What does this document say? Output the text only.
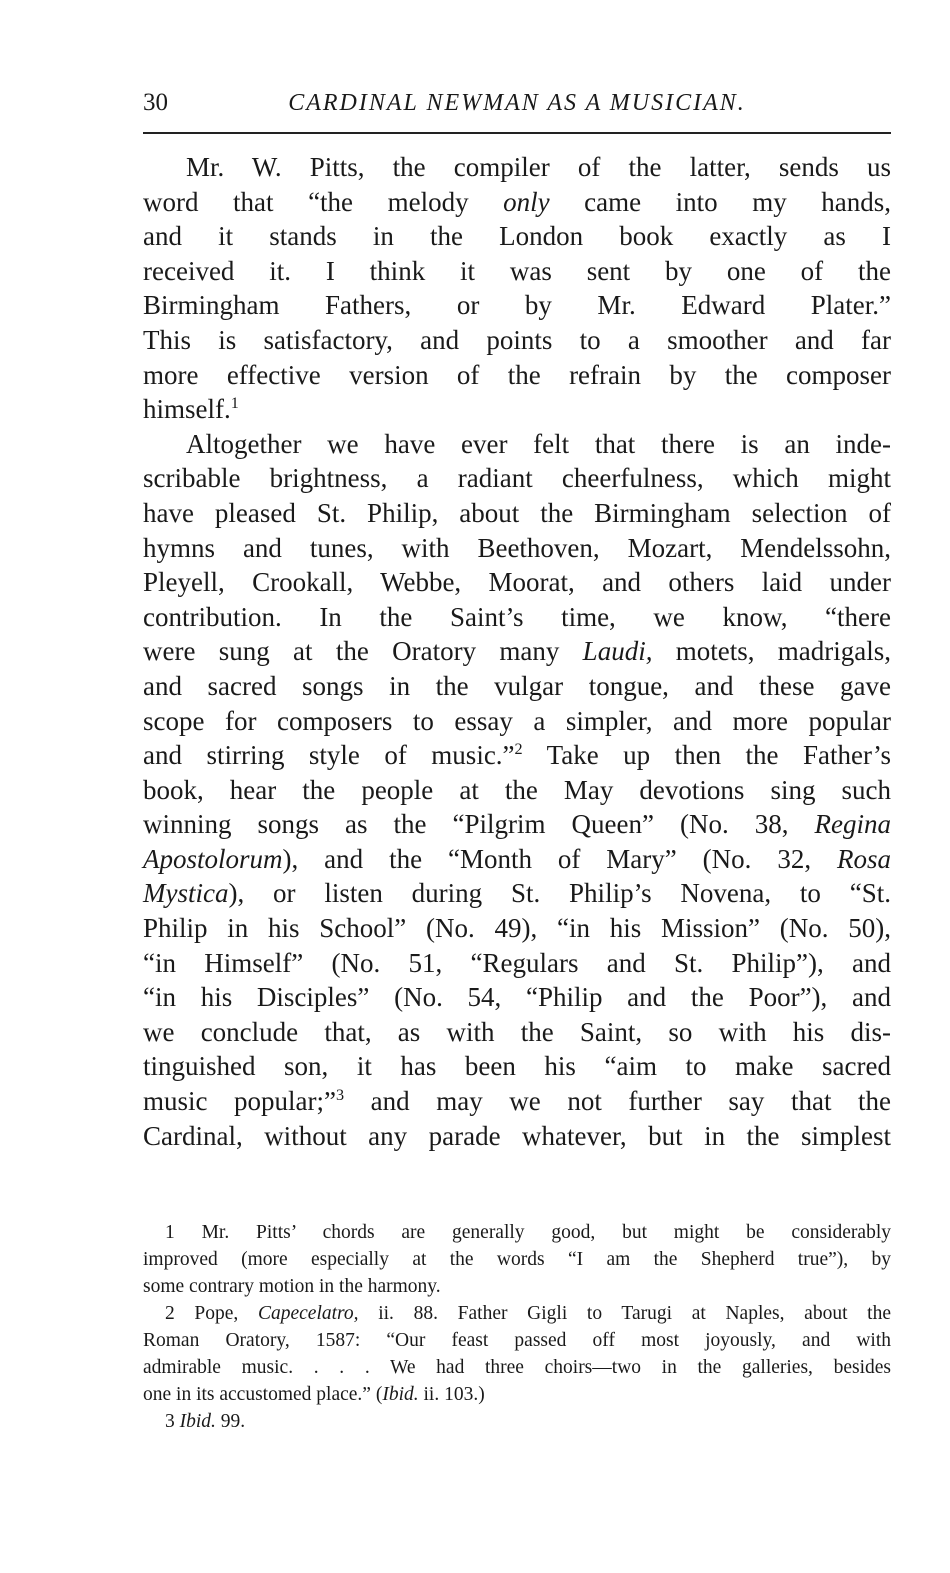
30	CARDINAL NEWMAN AS A MUSICIAN.

Mr. W. Pitts, the compiler of the latter, sends us
word that “the melody only came into my hands,
and it stands in the London book exactly as I
received it. I think it was sent by one of the
Birmingham Fathers, or by Mr. Edward Plater.”
This is satisfactory, and points to a smoother and far
more effective version of the refrain by the composer
himself.$^1$

Altogether we have ever felt that there is an inde-
scribable brightness, a radiant cheerfulness, which might
have pleased St. Philip, about the Birmingham selection of
hymns and tunes, with Beethoven, Mozart, Mendelssohn,
Pleyell, Crookall, Webbe, Moorat, and others laid under
contribution. In the Saint’s time, we know, “there
were sung at the Oratory many Laudi, motets, madrigals,
and sacred songs in the vulgar tongue, and these gave
scope for composers to essay a simpler, and more popular
and stirring style of music.”$^2$ Take up then the Father’s
book, hear the people at the May devotions sing such
winning songs as the “Pilgrim Queen” (No. 38, Regina
Apostolorum), and the “Month of Mary” (No. 32, Rosa
Mystica), or listen during St. Philip’s Novena, to “St.
Philip in his School” (No. 49), “in his Mission” (No. 50),
“in Himself” (No. 51, “Regulars and St. Philip”), and
“in his Disciples” (No. 54, “Philip and the Poor”), and
we conclude that, as with the Saint, so with his dis-
tinguished son, it has been his “aim to make sacred
music popular;”$^3$ and may we not further say that the
Cardinal, without any parade whatever, but in the simplest

1 Mr. Pitts’ chords are generally good, but might be considerably
improved (more especially at the words “I am the Shepherd true”), by
some contrary motion in the harmony.
2 Pope, Capecelatro, ii. 88. Father Gigli to Tarugi at Naples, about the
Roman Oratory, 1587: “Our feast passed off most joyously, and with
admirable music. . . . We had three choirs—two in the galleries, besides
one in its accustomed place.” (Ibid. ii. 103.)
3 Ibid. 99.
